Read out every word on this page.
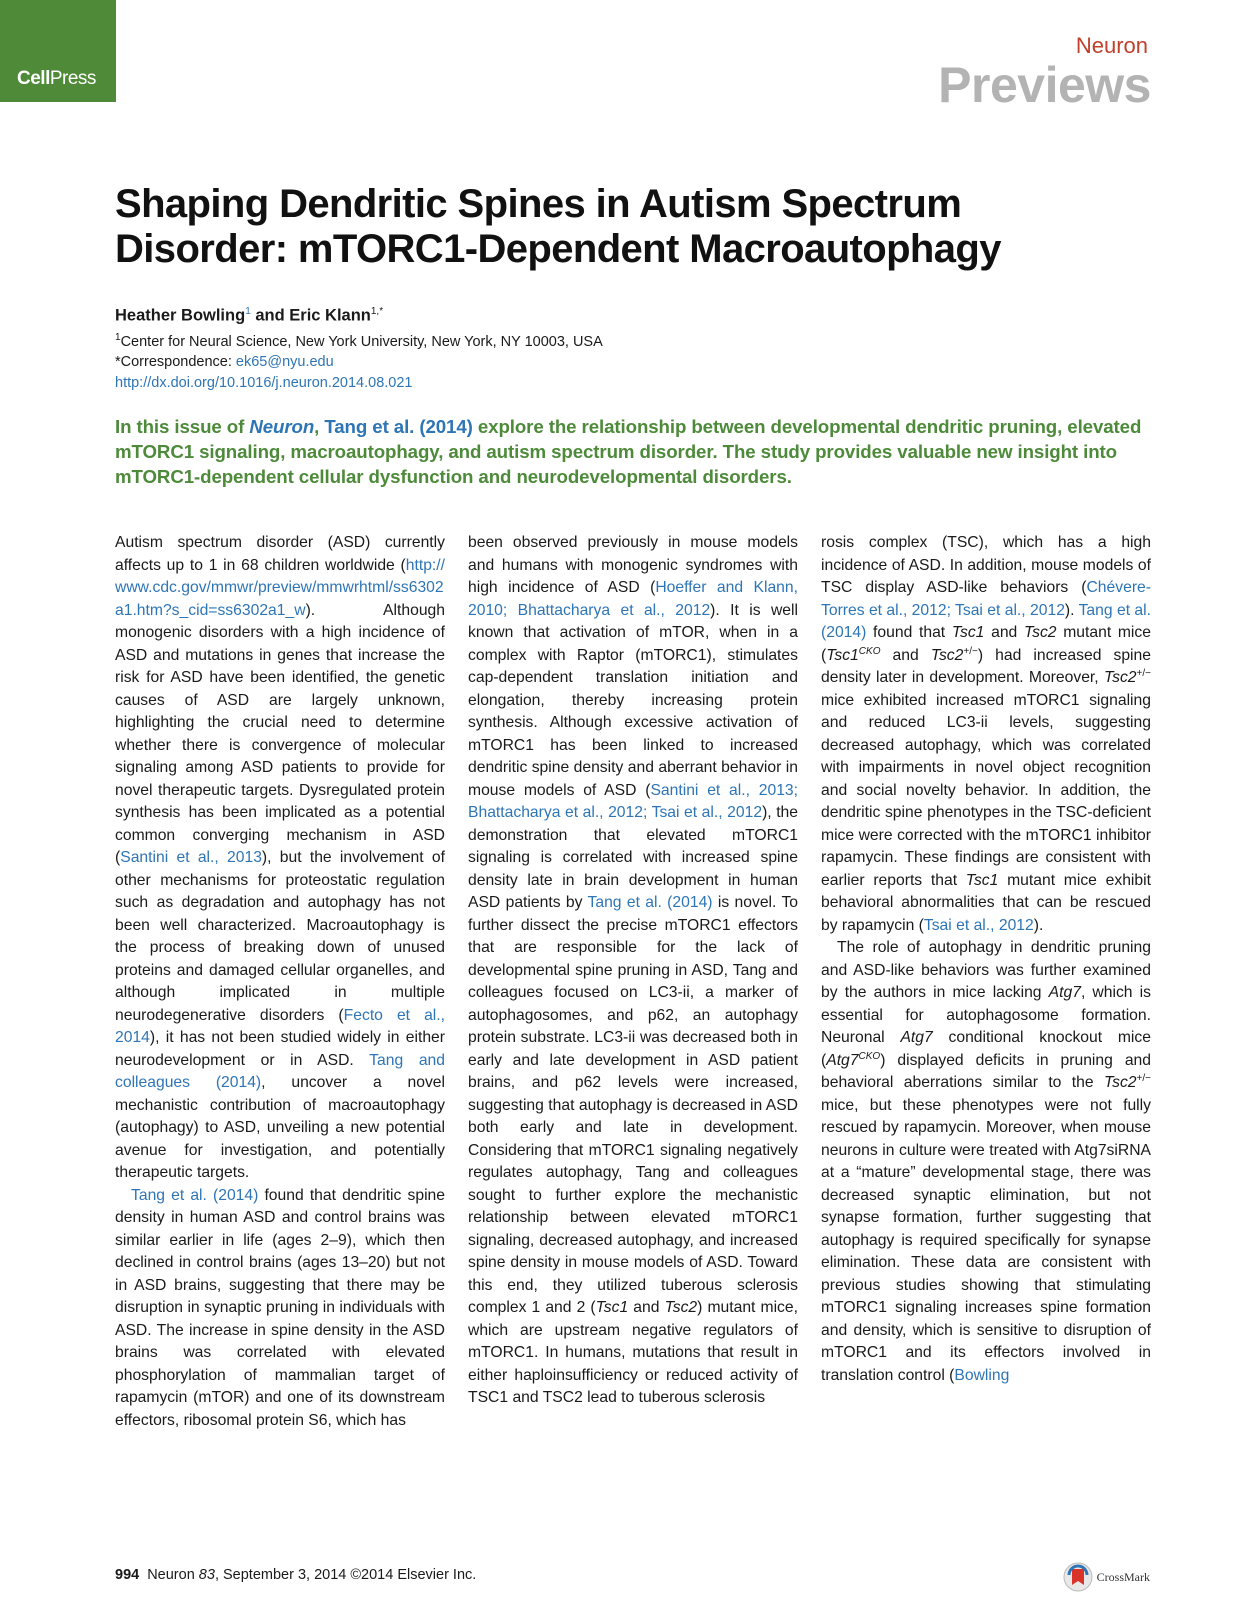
CellPress
Neuron
Previews
Shaping Dendritic Spines in Autism Spectrum Disorder: mTORC1-Dependent Macroautophagy
Heather Bowling$^1$ and Eric Klann$^{1,*}$
$^1$Center for Neural Science, New York University, New York, NY 10003, USA
*Correspondence: ek65@nyu.edu
http://dx.doi.org/10.1016/j.neuron.2014.08.021
In this issue of Neuron, Tang et al. (2014) explore the relationship between developmental dendritic pruning, elevated mTORC1 signaling, macroautophagy, and autism spectrum disorder. The study provides valuable new insight into mTORC1-dependent cellular dysfunction and neurodevelopmental disorders.

Autism spectrum disorder (ASD) currently affects up to 1 in 68 children worldwide (http://www.cdc.gov/mmwr/preview/mmwrhtml/ss6302a1.htm?s_cid=ss6302a1_w). Although monogenic disorders with a high incidence of ASD and mutations in genes that increase the risk for ASD have been identified, the genetic causes of ASD are largely unknown, highlighting the crucial need to determine whether there is convergence of molecular signaling among ASD patients to provide for novel therapeutic targets. Dysregulated protein synthesis has been implicated as a potential common converging mechanism in ASD (Santini et al., 2013), but the involvement of other mechanisms for proteostatic regulation such as degradation and autophagy has not been well characterized. Macroautophagy is the process of breaking down of unused proteins and damaged cellular organelles, and although implicated in multiple neurodegenerative disorders (Fecto et al., 2014), it has not been studied widely in either neurodevelopment or in ASD. Tang and colleagues (2014), uncover a novel mechanistic contribution of macroautophagy (autophagy) to ASD, unveiling a new potential avenue for investigation, and potentially therapeutic targets.

Tang et al. (2014) found that dendritic spine density in human ASD and control brains was similar earlier in life (ages 2–9), which then declined in control brains (ages 13–20) but not in ASD brains, suggesting that there may be disruption in synaptic pruning in individuals with ASD. The increase in spine density in the ASD brains was correlated with elevated phosphorylation of mammalian target of rapamycin (mTOR) and one of its downstream effectors, ribosomal protein S6, which has

been observed previously in mouse models and humans with monogenic syndromes with high incidence of ASD (Hoeffer and Klann, 2010; Bhattacharya et al., 2012). It is well known that activation of mTOR, when in a complex with Raptor (mTORC1), stimulates cap-dependent translation initiation and elongation, thereby increasing protein synthesis. Although excessive activation of mTORC1 has been linked to increased dendritic spine density and aberrant behavior in mouse models of ASD (Santini et al., 2013; Bhattacharya et al., 2012; Tsai et al., 2012), the demonstration that elevated mTORC1 signaling is correlated with increased spine density late in brain development in human ASD patients by Tang et al. (2014) is novel. To further dissect the precise mTORC1 effectors that are responsible for the lack of developmental spine pruning in ASD, Tang and colleagues focused on LC3-ii, a marker of autophagosomes, and p62, an autophagy protein substrate. LC3-ii was decreased both in early and late development in ASD patient brains, and p62 levels were increased, suggesting that autophagy is decreased in ASD both early and late in development. Considering that mTORC1 signaling negatively regulates autophagy, Tang and colleagues sought to further explore the mechanistic relationship between elevated mTORC1 signaling, decreased autophagy, and increased spine density in mouse models of ASD. Toward this end, they utilized tuberous sclerosis complex 1 and 2 (Tsc1 and Tsc2) mutant mice, which are upstream negative regulators of mTORC1. In humans, mutations that result in either haploinsufficiency or reduced activity of TSC1 and TSC2 lead to tuberous sclerosis

rosis complex (TSC), which has a high incidence of ASD. In addition, mouse models of TSC display ASD-like behaviors (Chévere-Torres et al., 2012; Tsai et al., 2012). Tang et al. (2014) found that Tsc1 and Tsc2 mutant mice ($Tsc1^{CKO}$ and Tsc2+/−) had increased spine density later in development. Moreover, Tsc2+/− mice exhibited increased mTORC1 signaling and reduced LC3-ii levels, suggesting decreased autophagy, which was correlated with impairments in novel object recognition and social novelty behavior. In addition, the dendritic spine phenotypes in the TSC-deficient mice were corrected with the mTORC1 inhibitor rapamycin. These findings are consistent with earlier reports that Tsc1 mutant mice exhibit behavioral abnormalities that can be rescued by rapamycin (Tsai et al., 2012).

The role of autophagy in dendritic pruning and ASD-like behaviors was further examined by the authors in mice lacking Atg7, which is essential for autophagosome formation. Neuronal Atg7 conditional knockout mice $(Atg7^{CKO})$ displayed deficits in pruning and behavioral aberrations similar to the Tsc2+/− mice, but these phenotypes were not fully rescued by rapamycin. Moreover, when mouse neurons in culture were treated with Atg7siRNA at a “mature” developmental stage, there was decreased synaptic elimination, but not synapse formation, further suggesting that autophagy is required specifically for synapse elimination. These data are consistent with previous studies showing that stimulating mTORC1 signaling increases spine formation and density, which is sensitive to disruption of mTORC1 and its effectors involved in translation control (Bowling

994 Neuron 83, September 3, 2014 ©2014 Elsevier Inc.	CrossMark
